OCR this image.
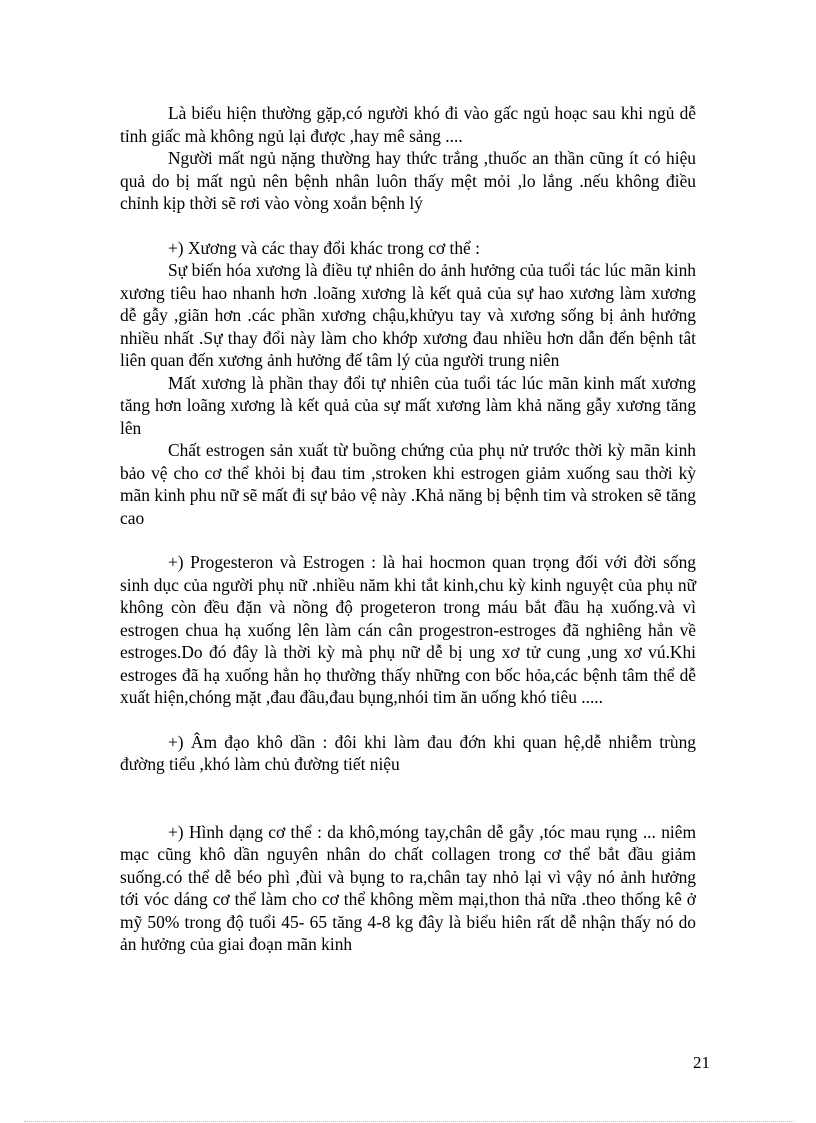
Là biểu hiện thường gặp,có người khó đi vào gấc ngủ hoạc sau khi ngủ dễ tỉnh giấc mà không ngủ lại được ,hay mê sảng ....

Người mất ngủ nặng thường hay thức trắng ,thuốc an thần cũng ít có hiệu quả do bị mất ngủ nên bệnh nhân luôn thấy mệt mỏi ,lo lắng .nếu không điều chỉnh kịp thời sẽ rơi vào vòng xoắn bệnh lý

+) Xương và các thay đổi khác trong cơ thể :

Sự biến hóa xương là điều tự nhiên do ảnh hưởng của tuổi tác lúc mãn kinh xương tiêu hao nhanh hơn .loãng xương là kết quả của sự hao xương làm xương dễ gẫy ,giãn hơn .các phần xương chậu,khửyu tay và xương sống bị ảnh hưởng nhiều nhất .Sự thay đổi này làm cho khớp xương đau nhiều hơn dẫn đến bệnh tât liên quan đến xương ảnh hưởng đế tâm lý của người trung niên

Mất xương là phần thay đổi tự nhiên của tuổi tác lúc mãn kinh mất xương tăng hơn loãng xương là kết quả của sự mất xương làm khả năng gẫy xương tăng lên

Chất estrogen sản xuất từ buồng chứng của phụ nử trước thời kỳ mãn kinh bảo vệ cho cơ thể khỏi bị đau tim ,stroken khi estrogen giảm xuống sau thời kỳ mãn kinh phu nữ sẽ mất đi sự bảo vệ này .Khả năng bị bệnh tim và stroken sẽ tăng cao

+) Progesteron và Estrogen : là hai hocmon quan trọng đối với đời sống sinh dục của người phụ nữ .nhiều năm khi tắt kinh,chu kỳ kinh nguyệt của phụ nữ không còn đều đặn và nồng độ progeteron trong máu bắt đầu hạ xuống.và vì estrogen chua hạ xuống lên làm cán cân progestron-estroges đã nghiêng hẳn về estroges.Do đó đây là thời kỳ mà phụ nữ dễ bị ung xơ tử cung ,ung xơ vú.Khi estroges đã hạ xuống hẳn họ thường thấy những con bốc hỏa,các bệnh tâm thể dễ xuất hiện,chóng mặt ,đau đầu,đau bụng,nhói tim ăn uống khó tiêu .....

+) Âm đạo khô dần : đôi khi làm đau đớn khi quan hệ,dễ nhiễm trùng đường tiểu ,khó làm chủ đường tiết niệu

+) Hình dạng cơ thể : da khô,móng tay,chân dễ gẫy ,tóc mau rụng ... niêm mạc cũng khô dần nguyên nhân do chất collagen trong cơ thể bắt đầu giảm suống.có thể dễ béo phì ,đùi và bụng to ra,chân tay nhỏ lại vì vậy nó ảnh hưởng tới vóc dáng cơ thể làm cho cơ thể không mềm mại,thon thả nữa .theo thống kê ở mỹ 50% trong độ tuổi 45- 65 tăng 4-8 kg đây là biểu hiên rất dễ nhận thấy nó do ản hưởng của giai đoạn mãn kinh

21
